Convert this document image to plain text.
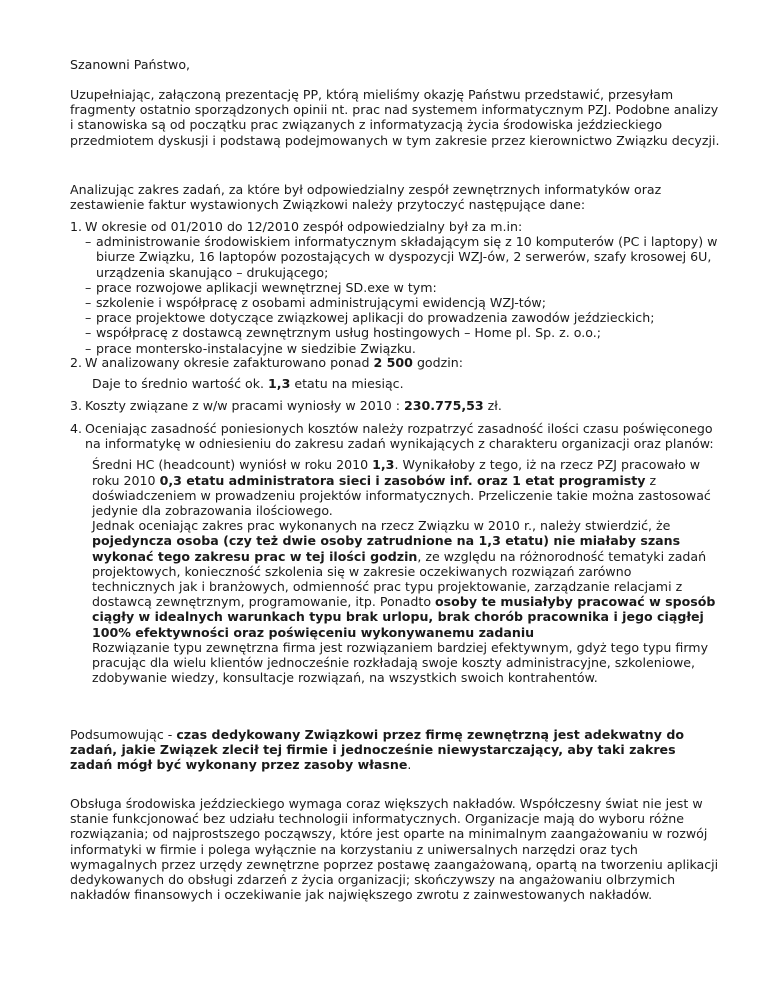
Szanowni Państwo,

Uzupełniając, załączoną prezentację PP, którą mieliśmy okazję Państwu przedstawić, przesyłam fragmenty ostatnio sporządzonych opinii nt. prac nad systemem informatycznym PZJ. Podobne analizy i stanowiska są od początku prac związanych z informatyzacją życia środowiska jeździeckiego przedmiotem dyskusji i podstawą podejmowanych w tym zakresie przez kierownictwo Związku decyzji.

Analizując zakres zadań, za które był odpowiedzialny zespół zewnętrznych informatyków oraz zestawienie faktur wystawionych Związkowi należy przytoczyć następujące dane:

1. W okresie od 01/2010 do 12/2010 zespół odpowiedzialny był za m.in:

– administrowanie środowiskiem informatycznym składającym się z 10 komputerów (PC i laptopy) w biurze Związku, 16 laptopów pozostających w dyspozycji WZJ-ów, 2 serwerów, szafy krosowej 6U, urządzenia skanująco – drukującego;
– prace rozwojowe aplikacji wewnętrznej SD.exe w tym:
– szkolenie i współpracę z osobami administrującymi ewidencją WZJ-tów;
– prace projektowe dotyczące związkowej aplikacji do prowadzenia zawodów jeździeckich;
– współpracę z dostawcą zewnętrznym usług hostingowych – Home pl. Sp. z. o.o.;
– prace montersko-instalacyjne w siedzibie Związku.
2. W analizowany okresie zafakturowano ponad 2 500 godzin:

Daje to średnio wartość ok. 1,3 etatu na miesiąc.

3. Koszty związane z w/w pracami wyniosły w 2010 : 230.775,53 zł.

4. Oceniając zasadność poniesionych kosztów należy rozpatrzyć zasadność ilości czasu poświęconego na informatykę w odniesieniu do zakresu zadań wynikających z charakteru organizacji oraz planów:

Średni HC (headcount) wyniósł w roku 2010 1,3. Wynikałoby z tego, iż na rzecz PZJ pracowało w roku 2010 0,3 etatu administratora sieci i zasobów inf. oraz 1 etat programisty z doświadczeniem w prowadzeniu projektów informatycznych. Przeliczenie takie można zastosować jedynie dla zobrazowania ilościowego.

Jednak oceniając zakres prac wykonanych na rzecz Związku w 2010 r., należy stwierdzić, że pojedyncza osoba (czy też dwie osoby zatrudnione na 1,3 etatu) nie miałaby szans wykonać tego zakresu prac w tej ilości godzin, ze względu na różnorodność tematyki zadań projektowych, konieczność szkolenia się w zakresie oczekiwanych rozwiązań zarówno technicznych jak i branżowych, odmienność prac typu projektowanie, zarządzanie relacjami z dostawcą zewnętrznym, programowanie, itp. Ponadto osoby te musiałyby pracować w sposób ciągły w idealnych warunkach typu brak urlopu, brak chorób pracownika i jego ciągłej 100% efektywności oraz poświęceniu wykonywanemu zadaniu

Rozwiązanie typu zewnętrzna firma jest rozwiązaniem bardziej efektywnym, gdyż tego typu firmy pracując dla wielu klientów jednocześnie rozkładają swoje koszty administracyjne, szkoleniowe, zdobywanie wiedzy, konsultacje rozwiązań, na wszystkich swoich kontrahentów.

Podsumowując - czas dedykowany Związkowi przez firmę zewnętrzną jest adekwatny do zadań, jakie Związek zlecił tej firmie i jednocześnie niewystarczający, aby taki zakres zadań mógł być wykonany przez zasoby własne.

Obsługa środowiska jeździeckiego wymaga coraz większych nakładów. Współczesny świat nie jest w stanie funkcjonować bez udziału technologii informatycznych. Organizacje mają do wyboru różne rozwiązania; od najprostszego począwszy, które jest oparte na minimalnym zaangażowaniu w rozwój informatyki w firmie i polega wyłącznie na korzystaniu z uniwersalnych narzędzi oraz tych wymagalnych przez urzędy zewnętrzne poprzez postawę zaangażowaną, opartą na tworzeniu aplikacji dedykowanych do obsługi zdarzeń z życia organizacji; skończywszy na angażowaniu olbrzymich nakładów finansowych i oczekiwanie jak największego zwrotu z zainwestowanych nakładów.
